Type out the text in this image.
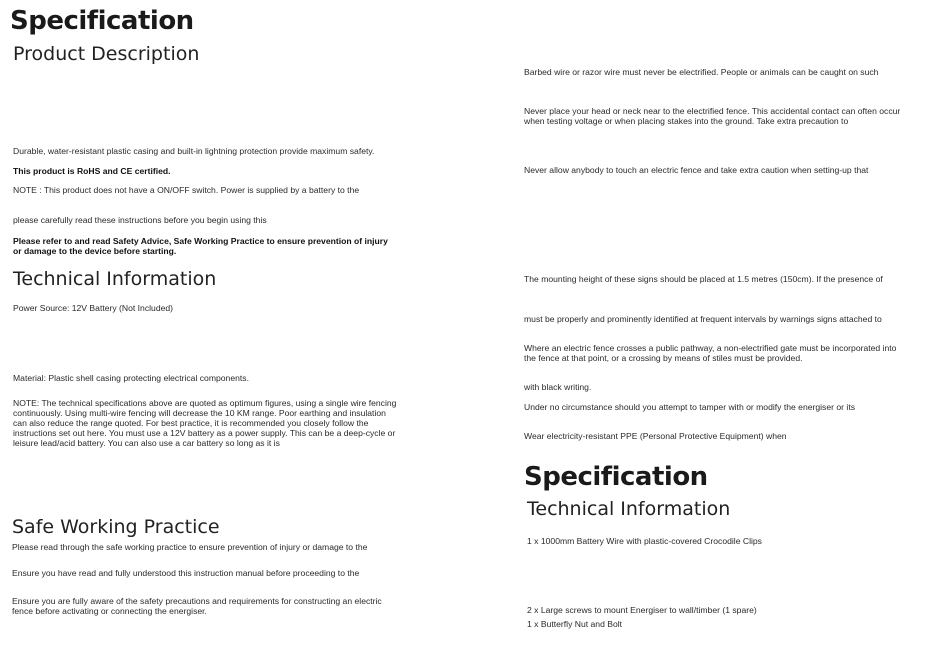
Specification
Product Description
Durable, water-resistant plastic casing and built-in lightning protection provide maximum safety.
This product is RoHS and CE certified.
NOTE : This product does not have a ON/OFF switch. Power is supplied by a battery to the
please carefully read these instructions before you begin using this
Please refer to and read Safety Advice, Safe Working Practice to ensure prevention of injury or damage to the device before starting.
Technical Information
Power Source: 12V Battery (Not Included)
Material: Plastic shell casing protecting electrical components.
NOTE: The technical specifications above are quoted as optimum figures, using a single wire fencing continuously. Using multi-wire fencing will decrease the 10 KM range. Poor earthing and insulation can also reduce the range quoted. For best practice, it is recommended you closely follow the instructions set out here. You must use a 12V battery as a power supply. This can be a deep-cycle or leisure lead/acid battery. You can also use a car battery so long as it is
Safe Working Practice
Please read through the safe working practice to ensure prevention of injury or damage to the
Ensure you have read and fully understood this instruction manual before proceeding to the
Ensure you are fully aware of the safety precautions and requirements for constructing an electric fence before activating or connecting the energiser.
Barbed wire or razor wire must never be electrified. People or animals can be caught on such
Never place your head or neck near to the electrified fence. This accidental contact can often occur when testing voltage or when placing stakes into the ground. Take extra precaution to
Never allow anybody to touch an electric fence and take extra caution when setting-up that
The mounting height of these signs should be placed at 1.5 metres (150cm). If the presence of
must be properly and prominently identified at frequent intervals by warnings signs attached to
Where an electric fence crosses a public pathway, a non-electrified gate must be incorporated into the fence at that point, or a crossing by means of stiles must be provided.
with black writing.
Under no circumstance should you attempt to tamper with or modify the energiser or its
Wear electricity-resistant PPE (Personal Protective Equipment) when
Specification
Technical Information
1 x 1000mm Battery Wire with plastic-covered Crocodile Clips
2 x Large screws to mount Energiser to wall/timber (1 spare)
1 x Butterfly Nut and Bolt
